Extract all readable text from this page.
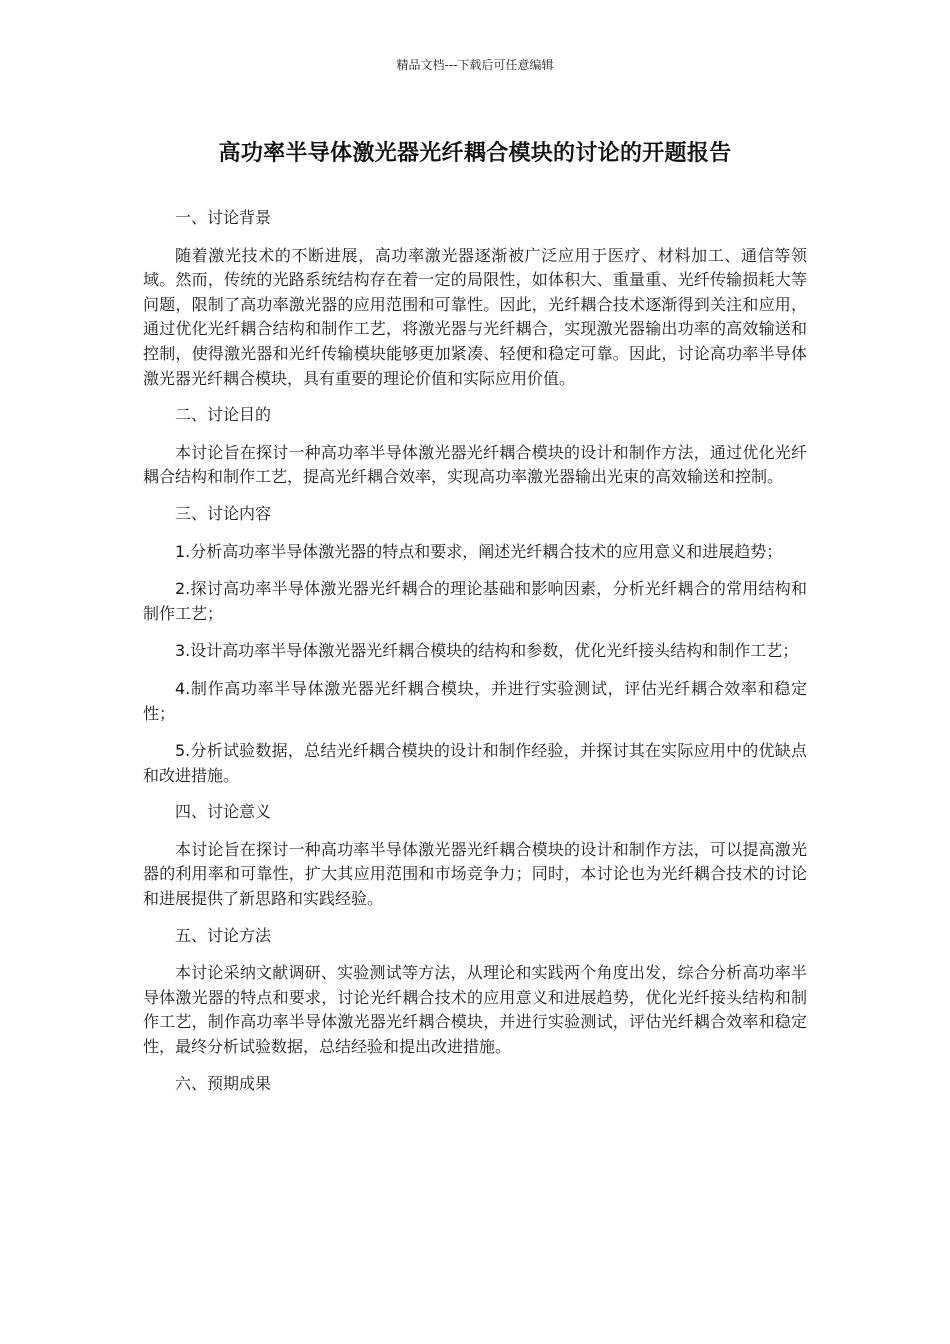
精品文档---下载后可任意编辑
高功率半导体激光器光纤耦合模块的讨论的开题报告

一、讨论背景

随着激光技术的不断进展，高功率激光器逐渐被广泛应用于医疗、材料加工、通信等领域。然而，传统的光路系统结构存在着一定的局限性，如体积大、重量重、光纤传输损耗大等问题，限制了高功率激光器的应用范围和可靠性。因此，光纤耦合技术逐渐得到关注和应用，通过优化光纤耦合结构和制作工艺，将激光器与光纤耦合，实现激光器输出功率的高效输送和控制，使得激光器和光纤传输模块能够更加紧凑、轻便和稳定可靠。因此，讨论高功率半导体激光器光纤耦合模块，具有重要的理论价值和实际应用价值。

二、讨论目的

本讨论旨在探讨一种高功率半导体激光器光纤耦合模块的设计和制作方法，通过优化光纤耦合结构和制作工艺，提高光纤耦合效率，实现高功率激光器输出光束的高效输送和控制。

三、讨论内容

1.分析高功率半导体激光器的特点和要求，阐述光纤耦合技术的应用意义和进展趋势；

2.探讨高功率半导体激光器光纤耦合的理论基础和影响因素，分析光纤耦合的常用结构和制作工艺；

3.设计高功率半导体激光器光纤耦合模块的结构和参数，优化光纤接头结构和制作工艺；

4.制作高功率半导体激光器光纤耦合模块，并进行实验测试，评估光纤耦合效率和稳定性；

5.分析试验数据，总结光纤耦合模块的设计和制作经验，并探讨其在实际应用中的优缺点和改进措施。

四、讨论意义

本讨论旨在探讨一种高功率半导体激光器光纤耦合模块的设计和制作方法，可以提高激光器的利用率和可靠性，扩大其应用范围和市场竞争力；同时，本讨论也为光纤耦合技术的讨论和进展提供了新思路和实践经验。

五、讨论方法

本讨论采纳文献调研、实验测试等方法，从理论和实践两个角度出发，综合分析高功率半导体激光器的特点和要求，讨论光纤耦合技术的应用意义和进展趋势，优化光纤接头结构和制作工艺，制作高功率半导体激光器光纤耦合模块，并进行实验测试，评估光纤耦合效率和稳定性，最终分析试验数据，总结经验和提出改进措施。

六、预期成果
